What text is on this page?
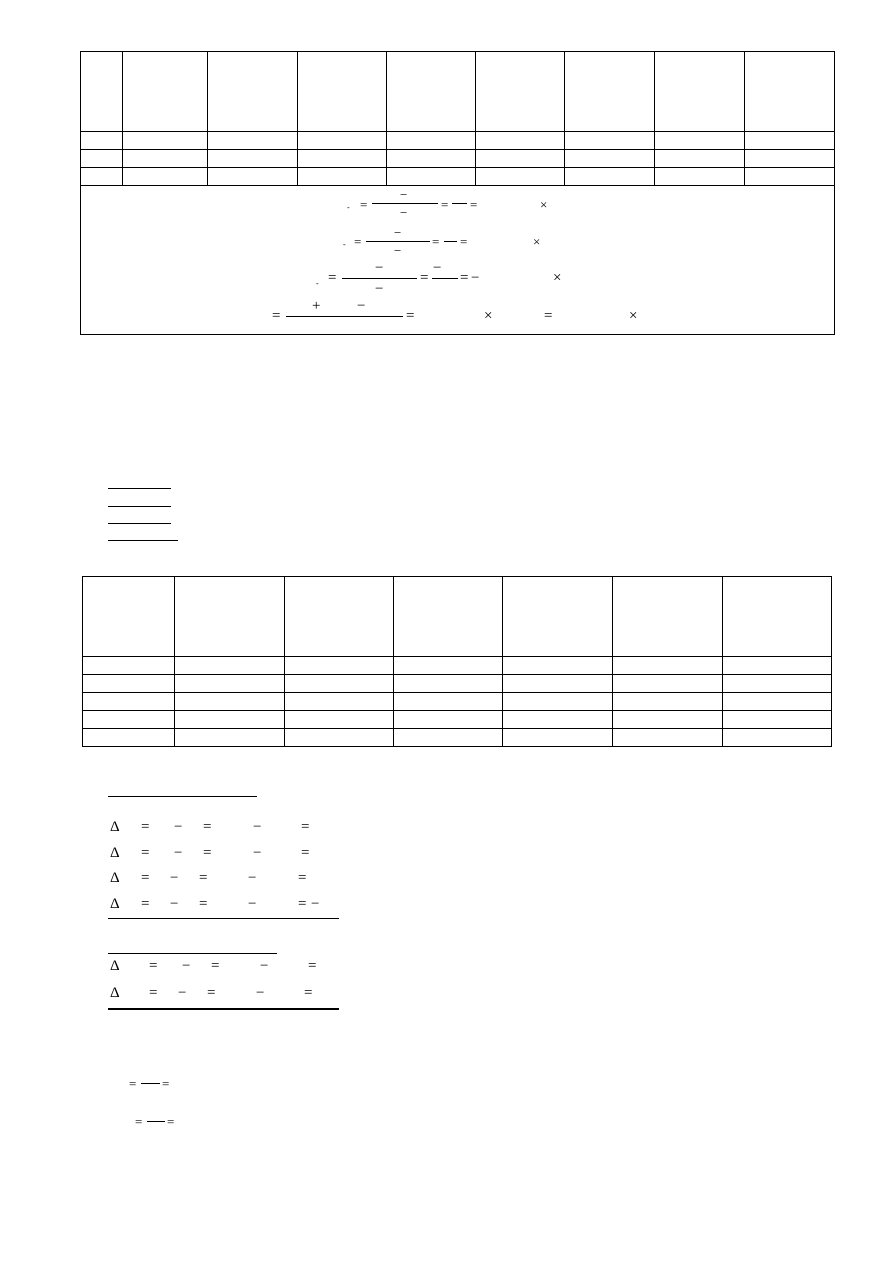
- =
−
−
= =	×
- =
−
−
= =	×
- =
−
−
=
−
= −	×
=
+ −
=	×	=	×

Δ = − =	−	=
Δ = − =	−	=
Δ = − =	−	=
Δ = − =	−	= −
Δ = − =	−	=
Δ = − =	−	=
= =
= =
